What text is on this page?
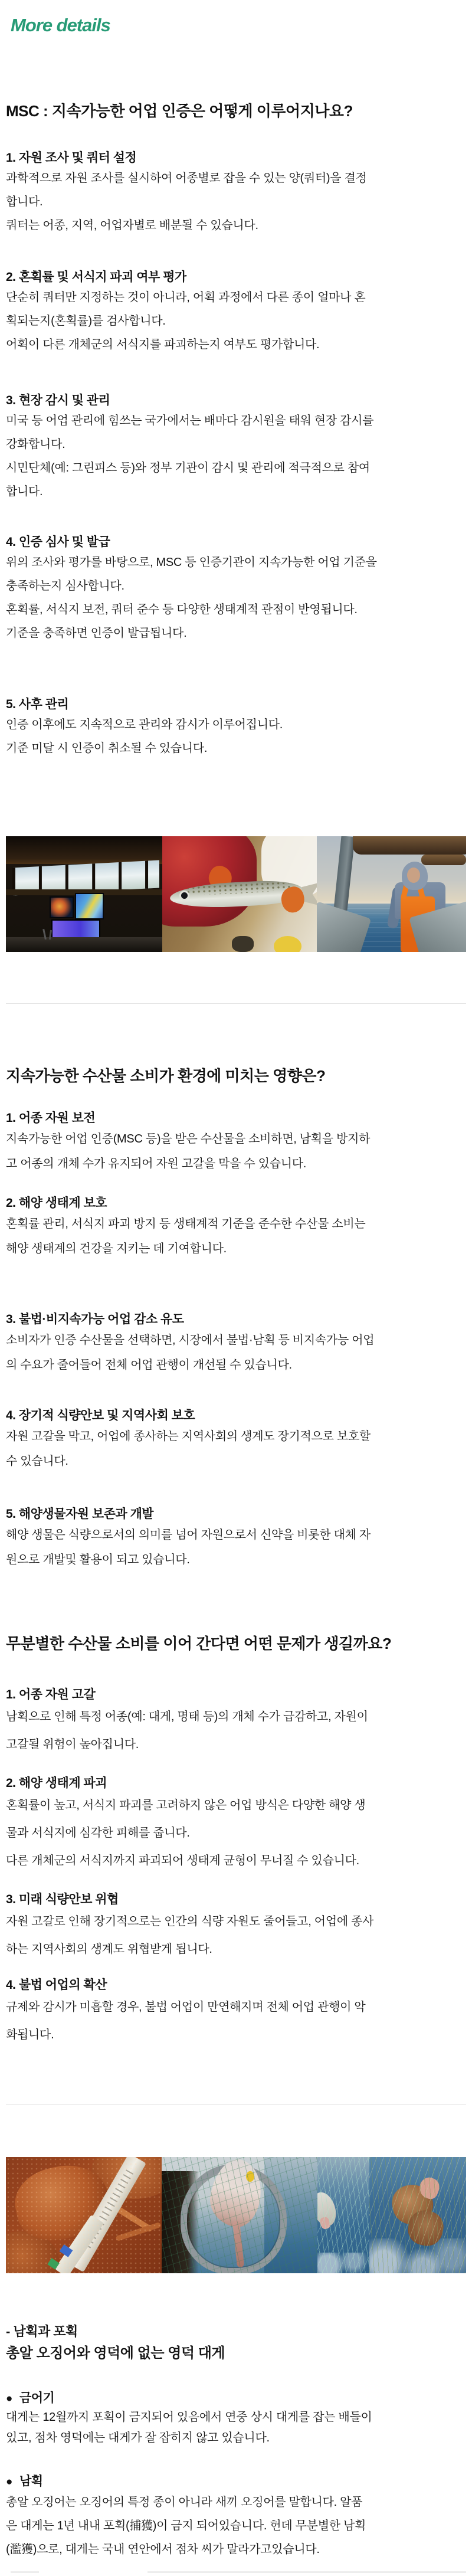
More details
MSC : 지속가능한 어업 인증은 어떻게 이루어지나요?
1. 자원 조사 및 쿼터 설정
과학적으로 자원 조사를 실시하여 어종별로 잡을 수 있는 양(쿼터)을 결정
합니다.
쿼터는 어종, 지역, 어업자별로 배분될 수 있습니다.
2. 혼획률 및 서식지 파괴 여부 평가
단순히 쿼터만 지정하는 것이 아니라, 어획 과정에서 다른 종이 얼마나 혼
획되는지(혼획률)를 검사합니다.
어획이 다른 개체군의 서식지를 파괴하는지 여부도 평가합니다.
3. 현장 감시 및 관리
미국 등 어업 관리에 힘쓰는 국가에서는 배마다 감시원을 태워 현장 감시를
강화합니다.
시민단체(예: 그린피스 등)와 정부 기관이 감시 및 관리에 적극적으로 참여
합니다.
4. 인증 심사 및 발급
위의 조사와 평가를 바탕으로, MSC 등 인증기관이 지속가능한 어업 기준을
충족하는지 심사합니다.
혼획률, 서식지 보전, 쿼터 준수 등 다양한 생태계적 관점이 반영됩니다.
기준을 충족하면 인증이 발급됩니다.
5. 사후 관리
인증 이후에도 지속적으로 관리와 감시가 이루어집니다.
기준 미달 시 인증이 취소될 수 있습니다.
지속가능한 수산물 소비가 환경에 미치는 영향은?
1. 어종 자원 보전
지속가능한 어업 인증(MSC 등)을 받은 수산물을 소비하면, 남획을 방지하
고 어종의 개체 수가 유지되어 자원 고갈을 막을 수 있습니다.
2. 해양 생태계 보호
혼획률 관리, 서식지 파괴 방지 등 생태계적 기준을 준수한 수산물 소비는
해양 생태계의 건강을 지키는 데 기여합니다.
3. 불법·비지속가능 어업 감소 유도
소비자가 인증 수산물을 선택하면, 시장에서 불법·남획 등 비지속가능 어업
의 수요가 줄어들어 전체 어업 관행이 개선될 수 있습니다.
4. 장기적 식량안보 및 지역사회 보호
자원 고갈을 막고, 어업에 종사하는 지역사회의 생계도 장기적으로 보호할
수 있습니다.
5. 해양생물자원 보존과 개발
해양 생물은 식량으로서의 의미를 넘어 자원으로서 신약을 비롯한 대체 자
원으로 개발및 활용이 되고 있습니다.
무분별한 수산물 소비를 이어 간다면 어떤 문제가 생길까요?
1. 어종 자원 고갈
남획으로 인해 특정 어종(예: 대게, 명태 등)의 개체 수가 급감하고, 자원이
고갈될 위험이 높아집니다.
2. 해양 생태계 파괴
혼획률이 높고, 서식지 파괴를 고려하지 않은 어업 방식은 다양한 해양 생
물과 서식지에 심각한 피해를 줍니다.
다른 개체군의 서식지까지 파괴되어 생태계 균형이 무너질 수 있습니다.
3. 미래 식량안보 위협
자원 고갈로 인해 장기적으로는 인간의 식량 자원도 줄어들고, 어업에 종사
하는 지역사회의 생계도 위협받게 됩니다.
4. 불법 어업의 확산
규제와 감시가 미흡할 경우, 불법 어업이 만연해지며 전체 어업 관행이 악
화됩니다.
- 남획과 포획
총알 오징어와 영덕에 없는 영덕 대게
● 금어기
대게는 12월까지 포획이 금지되어 있음에서 연중 상시 대게를 잡는 배들이
있고, 점차 영덕에는 대게가 잘 잡히지 않고 있습니다.
● 남획
총알 오징어는 오징어의 특정 종이 아니라 새끼 오징어를 말합니다. 알품
은 대게는 1년 내내 포획(捕獲)이 금지 되어있습니다. 헌데 무분별한 남획
(濫獲)으로, 대게는 국내 연안에서 점차 씨가 말라가고있습니다.
